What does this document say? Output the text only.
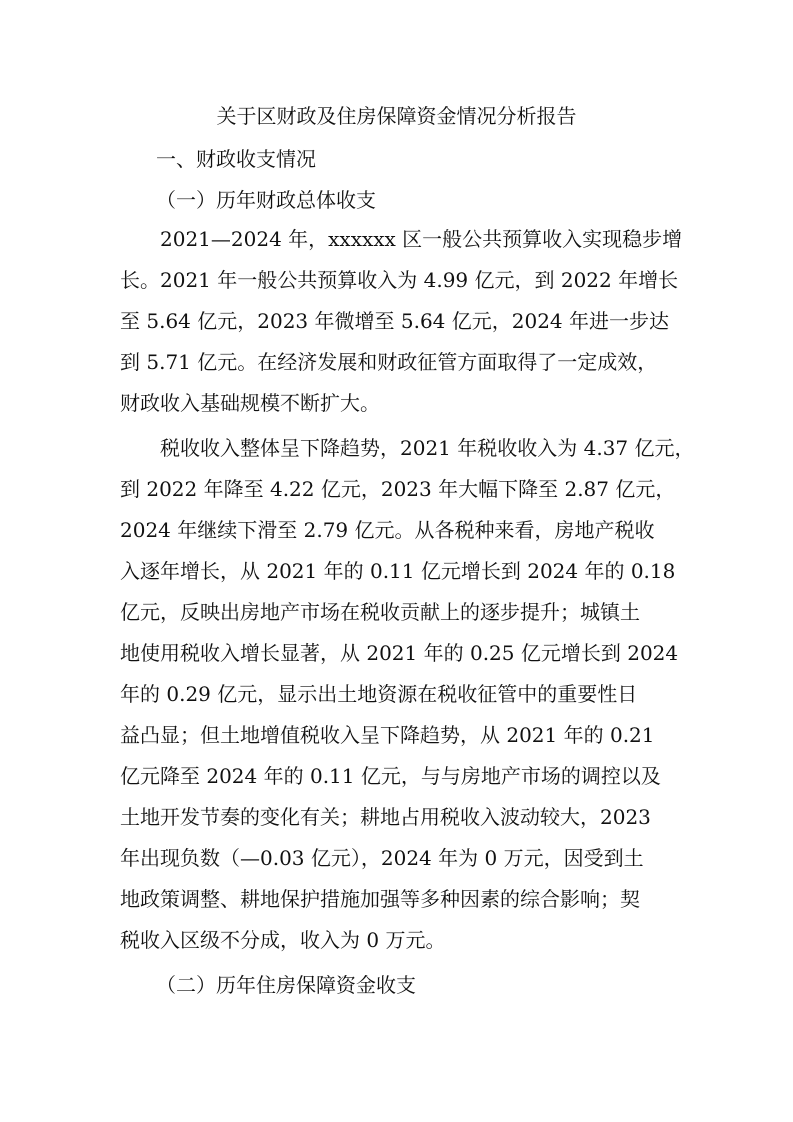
关于区财政及住房保障资金情况分析报告
一、财政收支情况
（一）历年财政总体收支
　　2021—2024 年，xxxxxx 区一般公共预算收入实现稳步增
长。2021 年一般公共预算收入为 4.99 亿元，到 2022 年增长
至 5.64 亿元，2023 年微增至 5.64 亿元，2024 年进一步达
到 5.71 亿元。在经济发展和财政征管方面取得了一定成效，
财政收入基础规模不断扩大。
　　税收收入整体呈下降趋势，2021 年税收收入为 4.37 亿元，
到 2022 年降至 4.22 亿元，2023 年大幅下降至 2.87 亿元，
2024 年继续下滑至 2.79 亿元。从各税种来看，房地产税收
入逐年增长，从 2021 年的 0.11 亿元增长到 2024 年的 0.18
亿元，反映出房地产市场在税收贡献上的逐步提升；城镇土
地使用税收入增长显著，从 2021 年的 0.25 亿元增长到 2024
年的 0.29 亿元，显示出土地资源在税收征管中的重要性日
益凸显；但土地增值税收入呈下降趋势，从 2021 年的 0.21
亿元降至 2024 年的 0.11 亿元，与与房地产市场的调控以及
土地开发节奏的变化有关；耕地占用税收入波动较大，2023
年出现负数（—0.03 亿元），2024 年为 0 万元，因受到土
地政策调整、耕地保护措施加强等多种因素的综合影响；契
税收入区级不分成，收入为 0 万元。
（二）历年住房保障资金收支
